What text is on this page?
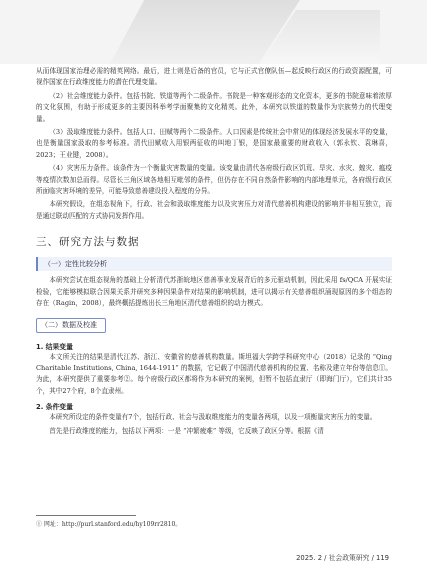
从而体现国家治理必需的精英网络。最后，进士则是后备的官员，它与正式官僚队伍—起反映行政区的行政资源配置，可视作国家在行政维度能力的潜在代理变量。

（2）社会维度能力条件。包括书院、铁道等两个二级条件。书院是一种客观形态的文化资本，更多的书院意味着浓厚的文化氛围，有助于形成更多的主要因科举考学面聚集的文化精英。此外，本研究以铁道的数量作为宗族势力的代理变量。

（3）汲取维度能力条件。包括人口、田赋等两个二级条件。人口因素是传统社会中常见的体现经济发展水平的变量，也是衡量国家汲取的参考标准。清代田赋收入用银两征收的叫地丁银，是国家最重要的财政收入（郭永钦、袁琳喜，2023；王业键，2008）。

（4）灾害压力条件。该条件为一个衡量灾害数量的变量。该变量由清代各府级行政区饥荒、旱灾、水灾、蝗灾、瘟疫等疫情次数加总而得。尽管长三角区域各地相互毗邻的条件，但仍存在不同自然条件影响的内部地理单元，各府级行政区所面临灾害环境的差异，可能导致慈善建设投入程度的分异。

本研究假设，在组态视角下，行政、社会和汲取维度能力以及灾害压力对清代慈善机构建设的影响并非相互独立，而是通过联动匹配的方式协同发挥作用。

三、研究方法与数据
（一）定性比较分析

本研究尝试在组态视角的基础上分析清代苏浙皖地区慈善事业发展背后的多元驱动机制，因此采用 fs/QCA 开展实证检验，它能够模拟联合因果关系并研究多种因果条件对结果的影响机制，进可以揭示有关慈善组织涌现原因的多个组态的存在（Ragin，2008），最终概括提炼出长三角地区清代慈善组织的动力模式。

（二）数据及校准
1. 结果变量

本文所关注的结果是清代江苏、浙江、安徽省的慈善机构数量。斯坦福大学跨学科研究中心（2018）记录的 “Qing Charitable Institutions, China, 1644-1911” 的数据，它记载了中国清代慈善机构的位置、名称及建立年份等信息①。为此，本研究提供了重要参考②。每个府级行政区都将作为本研究的案例，但暂不包括直隶厅（即海门厅），它们共计35个，其中27个府，8个直隶州。

2. 条件变量

本研究所设定的条件变量有7个，包括行政、社会与汲取维度能力的变量各两项，以及一项衡量灾害压力的变量。

首先是行政维度的能力，包括以下两项：一是 “冲繁疲难” 等级，它反映了政区分等。根据《清

① 网址：http://purl.stanford.edu/hy109rr2810。
2025. 2 / 社会政策研究 / 119
